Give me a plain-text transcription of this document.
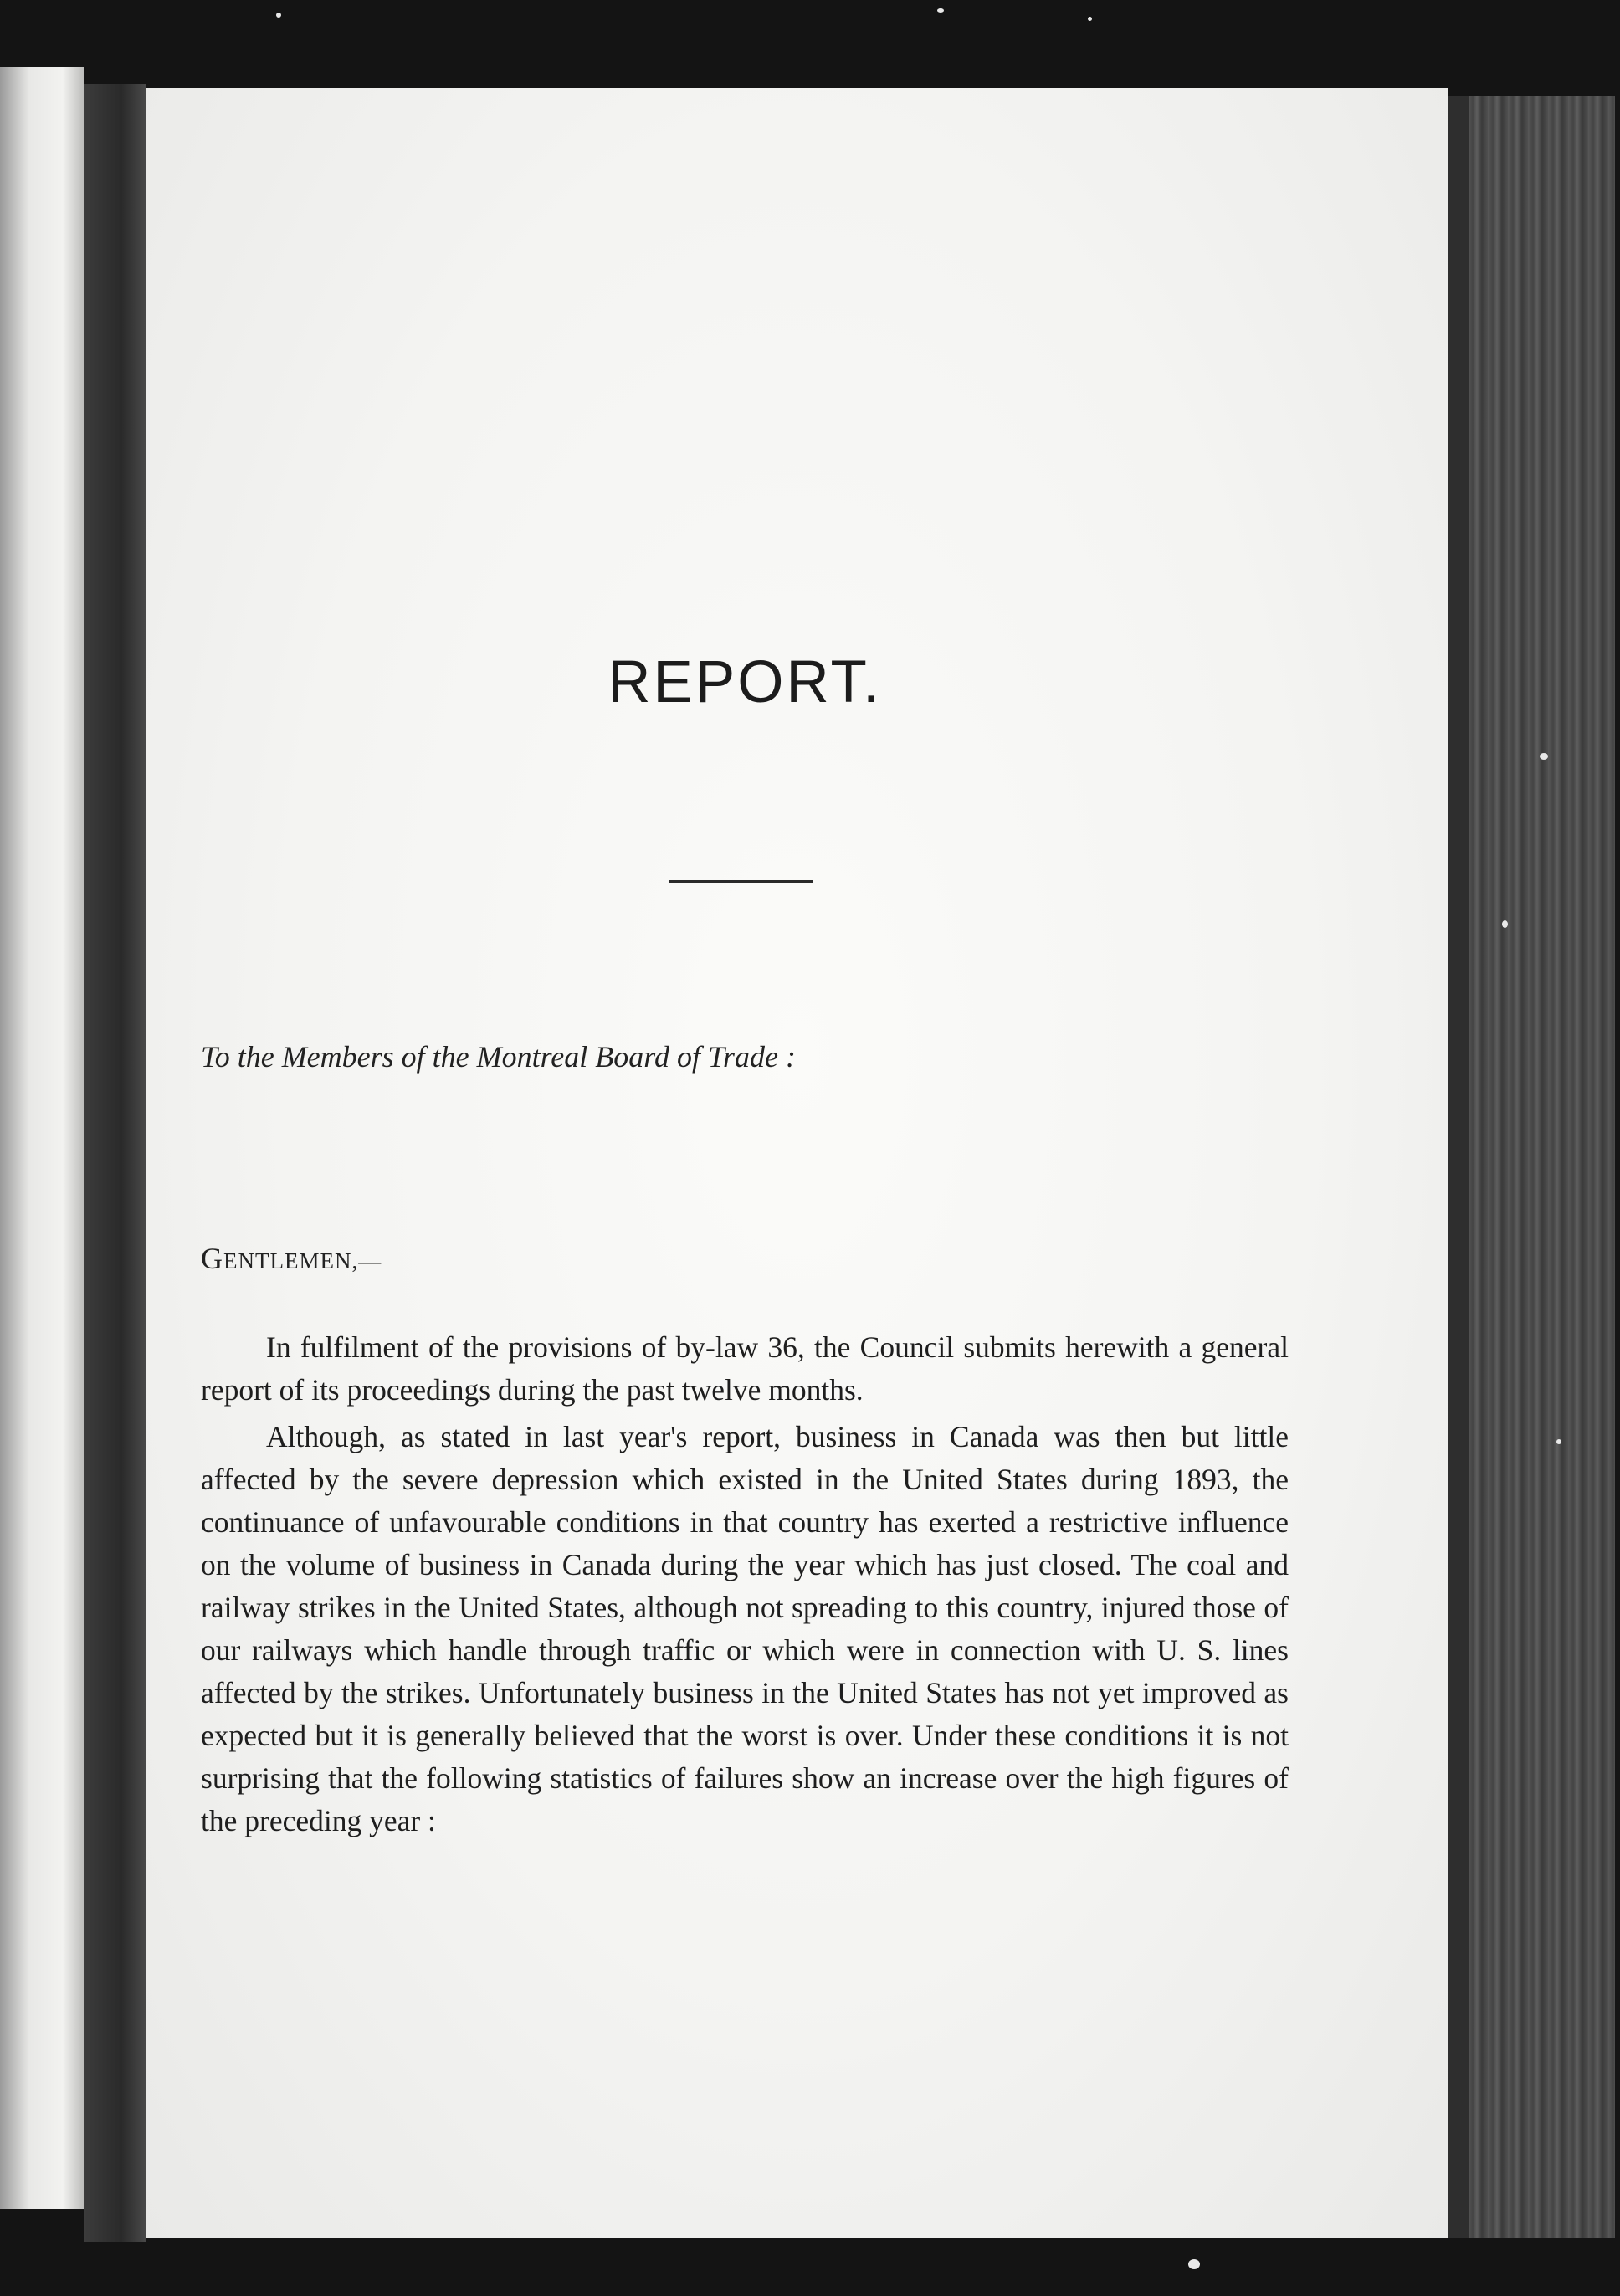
REPORT.
To the Members of the Montreal Board of Trade :
GENTLEMEN,—

In fulfilment of the provisions of by-law 36, the Council submits herewith a general report of its proceedings during the past twelve months.

Although, as stated in last year's report, business in Canada was then but little affected by the severe depression which existed in the United States during 1893, the continuance of unfavourable conditions in that country has exerted a restrictive influence on the volume of business in Canada during the year which has just closed. The coal and railway strikes in the United States, although not spreading to this country, injured those of our railways which handle through traffic or which were in connection with U. S. lines affected by the strikes. Unfortunately business in the United States has not yet improved as expected but it is generally believed that the worst is over. Under these conditions it is not surprising that the following statistics of failures show an increase over the high figures of the preceding year :
